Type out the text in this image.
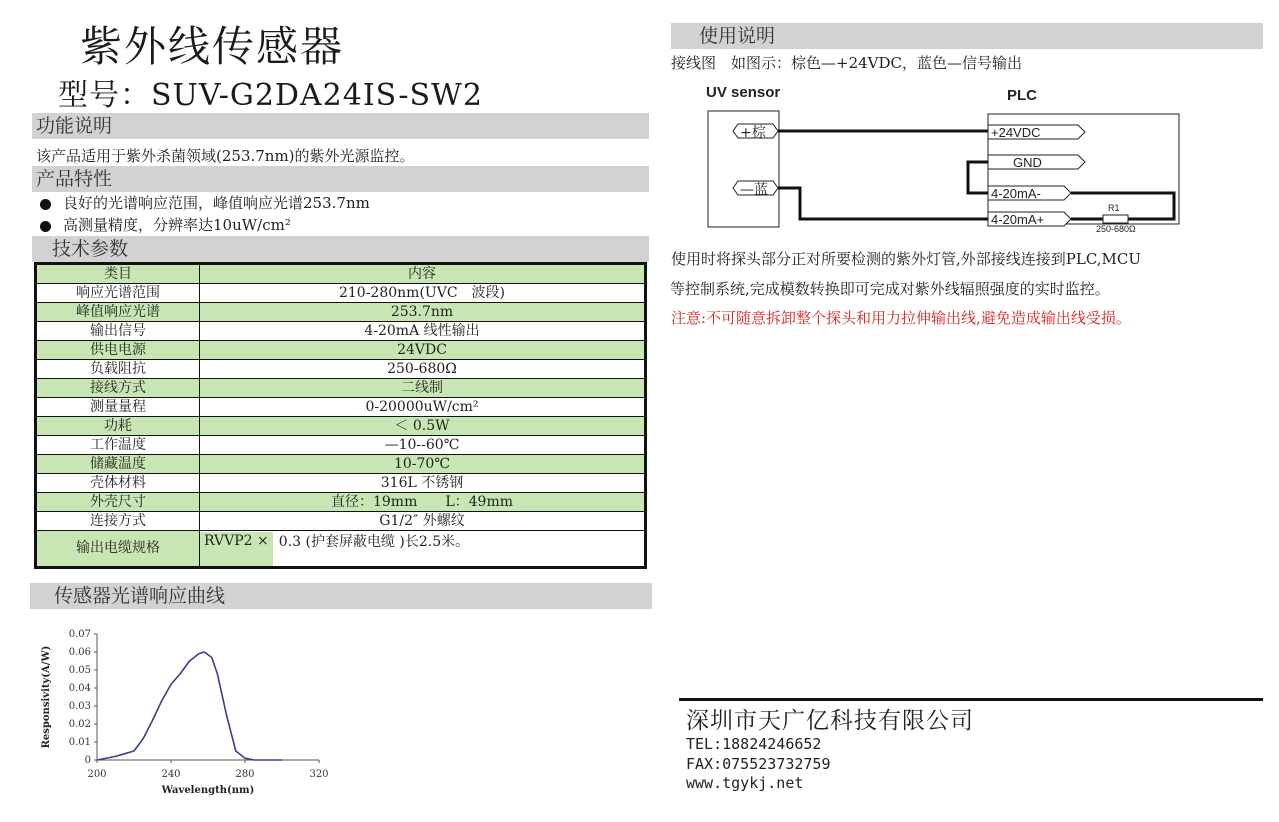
紫外线传感器
型号：SUV-G2DA24IS-SW2
功能说明
该产品适用于紫外杀菌领域(253.7nm)的紫外光源监控。
产品特性
良好的光谱响应范围，峰值响应光谱253.7nm
高测量精度，分辨率达10uW/cm²
技术参数
类目	内容
响应光谱范围	210-280nm(UVC　波段)
峰值响应光谱	253.7nm
输出信号	4-20mA 线性输出
供电电源	24VDC
负载阻抗	250-680Ω
接线方式	二线制
测量量程	0-20000uW/cm²
功耗	＜ 0.5W
工作温度	—10--60℃
储藏温度	10-70℃
壳体材料	316L 不锈钢
外壳尺寸	直径：19mm　　L：49mm
连接方式	G1/2″ 外螺纹
输出电缆规格	RVVP2 × 0.3 (护套屏蔽电缆 )长2.5米。
传感器光谱响应曲线
0
0.01
0.02
0.03
0.04
0.05
0.06
0.07
200	240	280	320
Wavelength(nm)
Responsivity(A/W)
使用说明
接线图　如图示：棕色—+24VDC，蓝色—信号输出
UV sensor	PLC
+棕
—蓝
+24VDC
GND
4-20mA-
4-20mA+
R1
250-680Ω
使用时将探头部分正对所要检测的紫外灯管,外部接线连接到PLC,MCU
等控制系统,完成模数转换即可完成对紫外线辐照强度的实时监控。
注意:不可随意拆卸整个探头和用力拉伸输出线,避免造成输出线受损。
深圳市天广亿科技有限公司
TEL:18824246652
FAX:075523732759
www.tgykj.net
